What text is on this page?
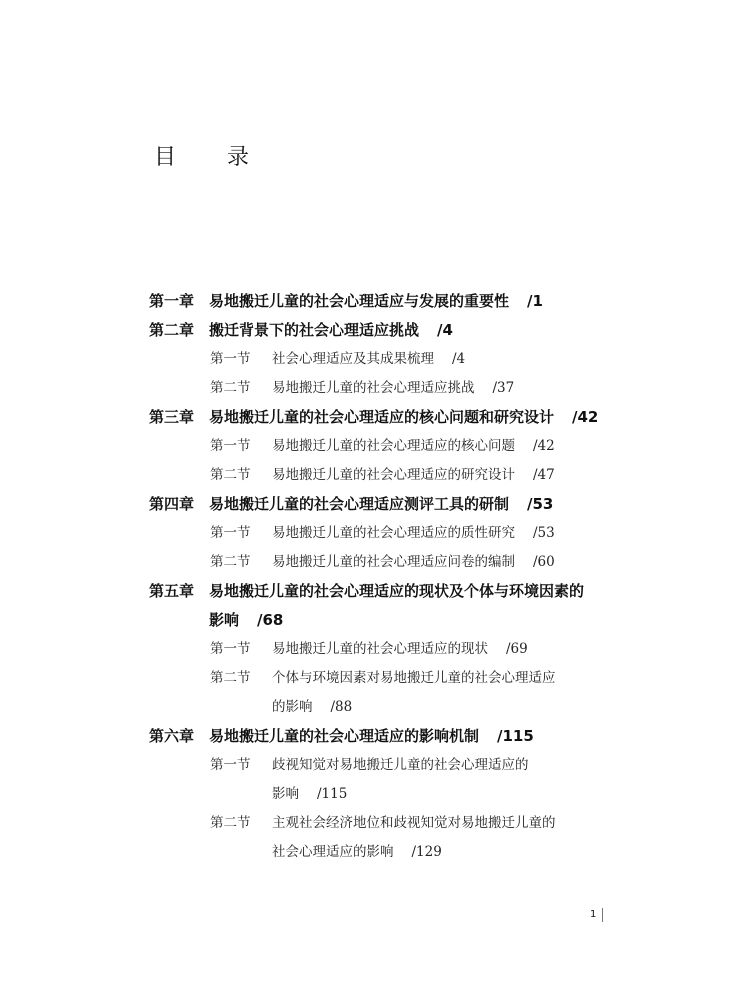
目 录
第一章 易地搬迁儿童的社会心理适应与发展的重要性 /1
第二章 搬迁背景下的社会心理适应挑战 /4
第一节	社会心理适应及其成果梳理 /4
第二节	易地搬迁儿童的社会心理适应挑战 /37
第三章 易地搬迁儿童的社会心理适应的核心问题和研究设计 /42
第一节	易地搬迁儿童的社会心理适应的核心问题 /42
第二节	易地搬迁儿童的社会心理适应的研究设计 /47
第四章 易地搬迁儿童的社会心理适应测评工具的研制 /53
第一节	易地搬迁儿童的社会心理适应的质性研究 /53
第二节	易地搬迁儿童的社会心理适应问卷的编制 /60
第五章 易地搬迁儿童的社会心理适应的现状及个体与环境因素的
影响 /68
第一节	易地搬迁儿童的社会心理适应的现状 /69
第二节	个体与环境因素对易地搬迁儿童的社会心理适应
的影响 /88
第六章 易地搬迁儿童的社会心理适应的影响机制 /115
第一节	歧视知觉对易地搬迁儿童的社会心理适应的
影响 /115
第二节	主观社会经济地位和歧视知觉对易地搬迁儿童的
社会心理适应的影响 /129
1
